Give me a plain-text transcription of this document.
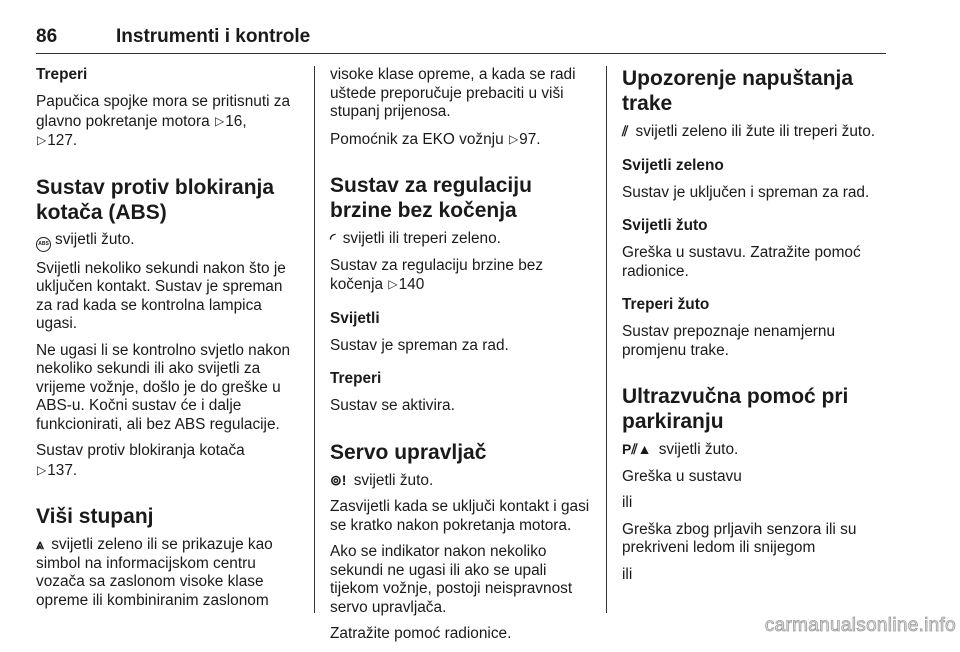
86	Instrumenti i kontrole
Treperi

Papučica spojke mora se pritisnuti za glavno pokretanje motora ▷16,
▷127.

Sustav protiv blokiranja kotača (ABS)

ABS svijetli žuto.

Svijetli nekoliko sekundi nakon što je uključen kontakt. Sustav je spreman za rad kada se kontrolna lampica ugasi.

Ne ugasi li se kontrolno svjetlo nakon nekoliko sekundi ili ako svijetli za vrijeme vožnje, došlo je do greške u ABS-u. Kočni sustav će i dalje funkcionirati, ali bez ABS regulacije.

Sustav protiv blokiranja kotača
▷137.

Viši stupanj

⩓ svijetli zeleno ili se prikazuje kao simbol na informacijskom centru vozača sa zaslonom visoke klase opreme ili kombiniranim zaslonom

visoke klase opreme, a kada se radi uštede preporučuje prebaciti u viši stupanj prijenosa.

Pomoćnik za EKO vožnju ▷97.

Sustav za regulaciju brzine bez kočenja

◜ svijetli ili treperi zeleno.

Sustav za regulaciju brzine bez kočenja ▷140

Svijetli

Sustav je spreman za rad.

Treperi

Sustav se aktivira.

Servo upravljač

⊚! svijetli žuto.

Zasvijetli kada se uključi kontakt i gasi se kratko nakon pokretanja motora.

Ako se indikator nakon nekoliko sekundi ne ugasi ili ako se upali tijekom vožnje, postoji neispravnost servo upravljača.

Zatražite pomoć radionice.

Upozorenje napuštanja trake

⫽ svijetli zeleno ili žute ili treperi žuto.

Svijetli zeleno

Sustav je uključen i spreman za rad.

Svijetli žuto

Greška u sustavu. Zatražite pomoć radionice.

Treperi žuto

Sustav prepoznaje nenamjernu promjenu trake.

Ultrazvučna pomoć pri parkiranju

P⫽▲ svijetli žuto.

Greška u sustavu

ili

Greška zbog prljavih senzora ili su prekriveni ledom ili snijegom

ili

carmanualsonline.info
